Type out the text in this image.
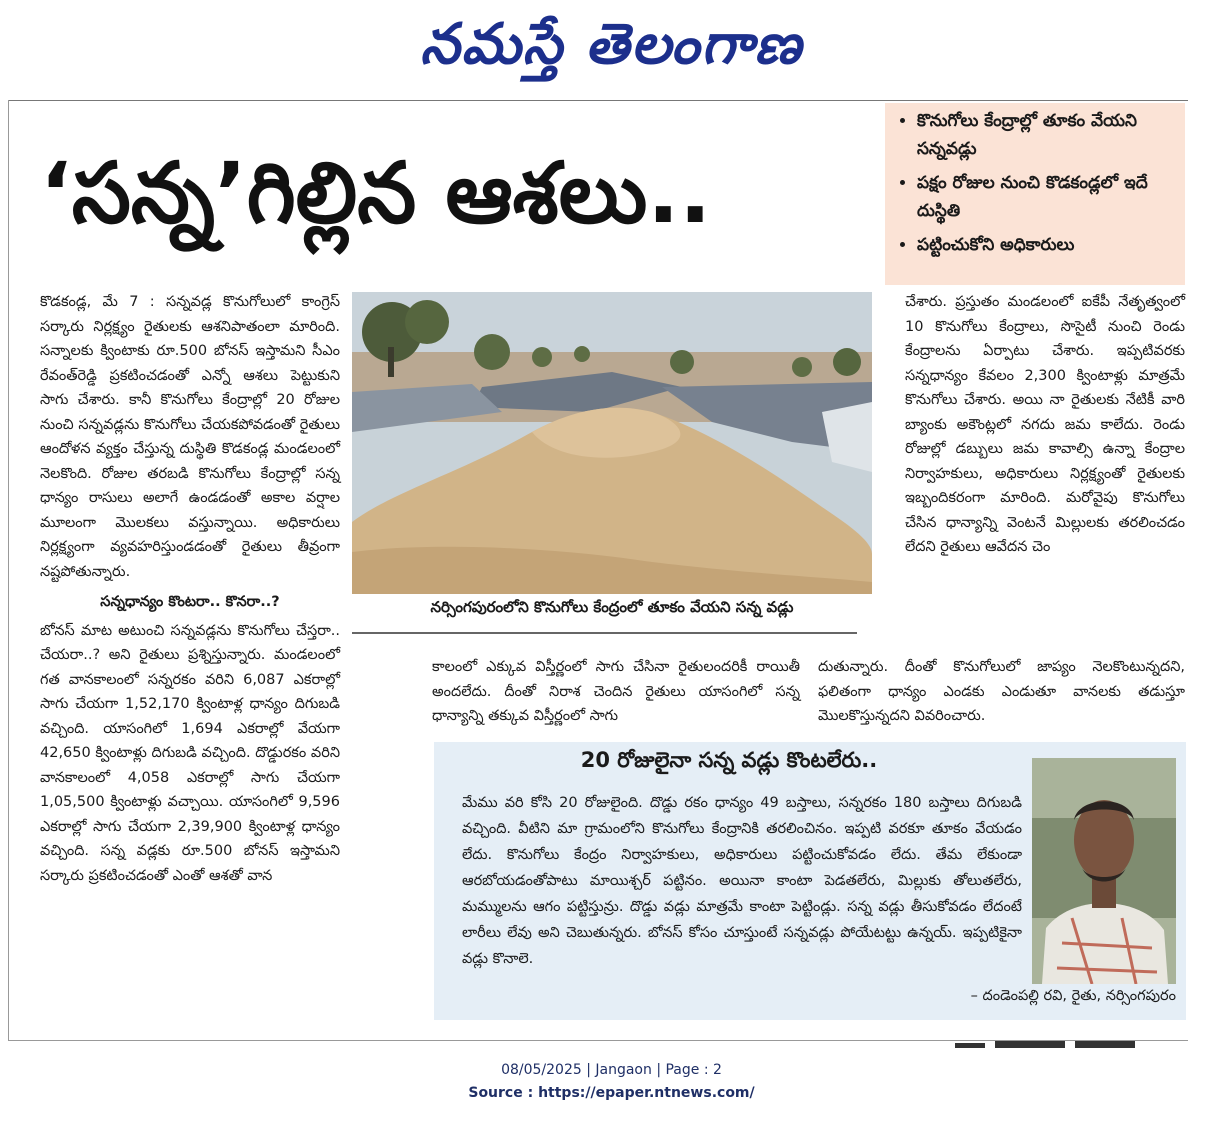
నమస్తే తెలంగాణ
‘సన్న’గిల్లిన ఆశలు..
• కొనుగోలు కేంద్రాల్లో తూకం వేయని సన్నవడ్లు
• పక్షం రోజుల నుంచి కొడకండ్లలో ఇదే దుస్థితి
• పట్టించుకోని అధికారులు

కొడకండ్ల, మే 7 : సన్నవడ్ల కొనుగోలులో కాంగ్రెస్ సర్కారు నిర్లక్ష్యం రైతులకు ఆశనిపాతంలా మారింది. సన్నాలకు క్వింటాకు రూ.500 బోనస్ ఇస్తామని సీఎం రేవంత్‌రెడ్డి ప్రకటించడంతో ఎన్నో ఆశలు పెట్టుకుని సాగు చేశారు. కానీ కొనుగోలు కేంద్రాల్లో 20 రోజుల నుంచి సన్నవడ్లను కొనుగోలు చేయకపోవడంతో రైతులు ఆందోళన వ్యక్తం చేస్తున్న దుస్థితి కొడకండ్ల మండలంలో నెలకొంది. రోజుల తరబడి కొనుగోలు కేంద్రాల్లో సన్న ధాన్యం రాసులు అలాగే ఉండడంతో అకాల వర్షాల మూలంగా మొలకలు వస్తున్నాయి. అధికారులు నిర్లక్ష్యంగా వ్యవహరిస్తుండడంతో రైతులు తీవ్రంగా నష్టపోతున్నారు.

సన్నధాన్యం కొంటరా.. కొనరా..?

బోనస్ మాట అటుంచి సన్నవడ్లను కొనుగోలు చేస్తరా.. చేయరా..? అని రైతులు ప్రశ్నిస్తున్నారు. మండలంలో గత వానకాలంలో సన్నరకం వరిని 6,087 ఎకరాల్లో సాగు చేయగా 1,52,170 క్వింటాళ్ల ధాన్యం దిగుబడి వచ్చింది. యాసంగిలో 1,694 ఎకరాల్లో వేయగా 42,650 క్వింటాళ్లు దిగుబడి వచ్చింది. దొడ్డురకం వరిని వానకాలంలో 4,058 ఎకరాల్లో సాగు చేయగా 1,05,500 క్వింటాళ్లు వచ్చాయి. యాసంగిలో 9,596 ఎకరాల్లో సాగు చేయగా 2,39,900 క్వింటాళ్ల ధాన్యం వచ్చింది. సన్న వడ్లకు రూ.500 బోనస్ ఇస్తామని సర్కారు ప్రకటించడంతో ఎంతో ఆశతో వాన

నర్సింగపురంలోని కొనుగోలు కేంద్రంలో తూకం వేయని సన్న వడ్లు

చేశారు. ప్రస్తుతం మండలంలో ఐకేపీ నేతృత్వంలో 10 కొనుగోలు కేంద్రాలు, సొసైటీ నుంచి రెండు కేంద్రాలను ఏర్పాటు చేశారు. ఇప్పటివరకు సన్నధాన్యం కేవలం 2,300 క్వింటాళ్లు మాత్రమే కొనుగోలు చేశారు. అయి నా రైతులకు నేటికీ వారి బ్యాంకు అకౌంట్లలో నగదు జమ కాలేదు. రెండు రోజుల్లో డబ్బులు జమ కావాల్సి ఉన్నా కేంద్రాల నిర్వాహకులు, అధికారులు నిర్లక్ష్యంతో రైతులకు ఇబ్బందికరంగా మారింది. మరోవైపు కొనుగోలు చేసిన ధాన్యాన్ని వెంటనే మిల్లులకు తరలించడం లేదని రైతులు ఆవేదన చెం

కాలంలో ఎక్కువ విస్తీర్ణంలో సాగు చేసినా రైతులందరికీ రాయితీ అందలేదు. దీంతో నిరాశ చెందిన రైతులు యాసంగిలో సన్న ధాన్యాన్ని తక్కువ విస్తీర్ణంలో సాగు

దుతున్నారు. దీంతో కొనుగోలులో జాప్యం నెలకొంటున్నదని, ఫలితంగా ధాన్యం ఎండకు ఎండుతూ వానలకు తడుస్తూ మొలకొస్తున్నదని వివరించారు.

20 రోజులైనా సన్న వడ్లు కొంటలేరు..
మేము వరి కోసి 20 రోజులైంది. దొడ్డు రకం ధాన్యం 49 బస్తాలు, సన్నరకం 180 బస్తాలు దిగుబడి వచ్చింది. వీటిని మా గ్రామంలోని కొనుగోలు కేంద్రానికి తరలించినం. ఇప్పటి వరకూ తూకం వేయడం లేదు. కొనుగోలు కేంద్రం నిర్వాహకులు, అధికారులు పట్టించుకోవడం లేదు. తేమ లేకుండా ఆరబోయడంతోపాటు మాయిశ్చర్ పట్టినం. అయినా కాంటా పెడతలేరు, మిల్లుకు తోలుతలేరు, మమ్ములను ఆగం పట్టిస్తున్రు. దొడ్డు వడ్లు మాత్రమే కాంటా పెట్టిండ్లు. సన్న వడ్లు తీసుకోవడం లేదంటే లారీలు లేవు అని చెబుతున్నరు. బోనస్ కోసం చూస్తుంటే సన్నవడ్లు పోయేటట్టు ఉన్నయ్. ఇప్పటికైనా వడ్లు కొనాలె.
– దండెంపల్లి రవి, రైతు, నర్సింగపురం
08/05/2025 | Jangaon | Page : 2
Source : https://epaper.ntnews.com/
